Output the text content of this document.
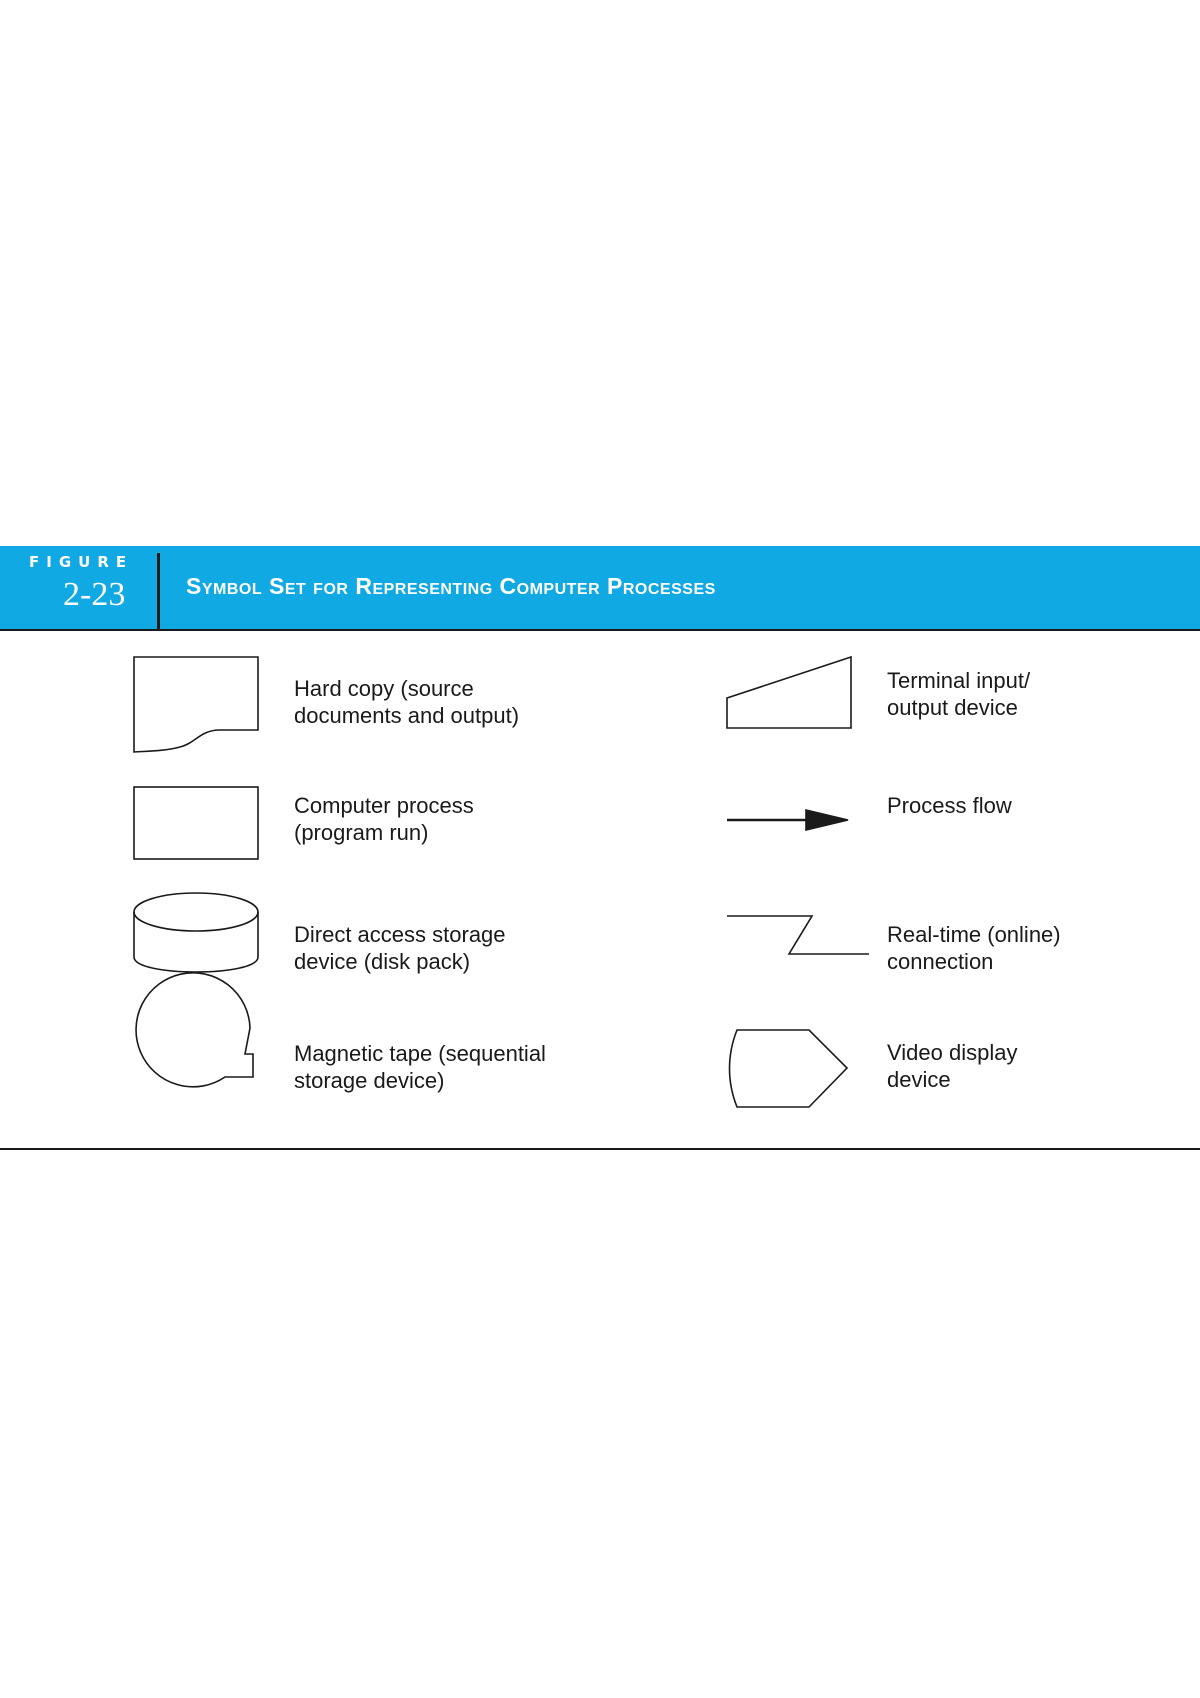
FIGURE
2-23	Symbol Set for Representing Computer Processes
Hard copy (source
documents and output)
Terminal input/
output device
Computer process
(program run)
Process flow
Direct access storage
device (disk pack)
Real-time (online)
connection
Magnetic tape (sequential
storage device)
Video display
device
